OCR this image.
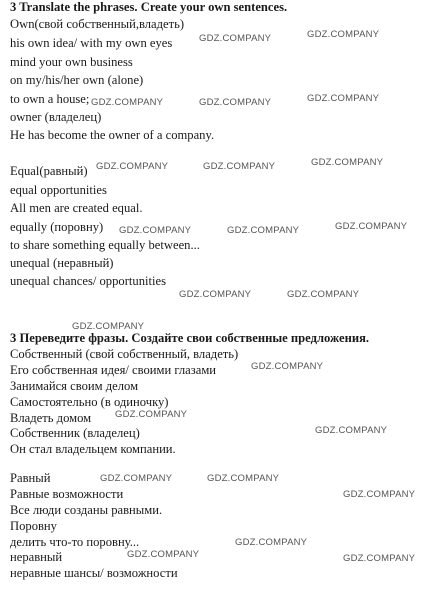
3 Translate the phrases. Create your own sentences.
Own(свой собственный,владеть)
his own idea/ with my own eyes
mind your own business
on my/his/her own (alone)
to own a house;
owner (владелец)
He has become the owner of a company.
Equal(равный)
equal opportunities
All men are created equal.
equally (поровну)
to share something equally between...
unequal (неравный)
unequal chances/ opportunities
3 Переведите фразы. Создайте свои собственные предложения.
Собственный (свой собственный, владеть)
Его собственная идея/ своими глазами
Занимайся своим делом
Самостоятельно (в одиночку)
Владеть домом
Собственник (владелец)
Он стал владельцем компании.
Равный
Равные возможности
Все люди созданы равными.
Поровну
делить что-то поровну...
неравный
неравные шансы/ возможности
GDZ.COMPANY	GDZ.COMPANY
GDZ.COMPANY	GDZ.COMPANY	GDZ.COMPANY
GDZ.COMPANY	GDZ.COMPANY	GDZ.COMPANY
GDZ.COMPANY	GDZ.COMPANY	GDZ.COMPANY
GDZ.COMPANY	GDZ.COMPANY
GDZ.COMPANY
GDZ.COMPANY
GDZ.COMPANY
GDZ.COMPANY
GDZ.COMPANY	GDZ.COMPANY
GDZ.COMPANY
GDZ.COMPANY
GDZ.COMPANY	GDZ.COMPANY
